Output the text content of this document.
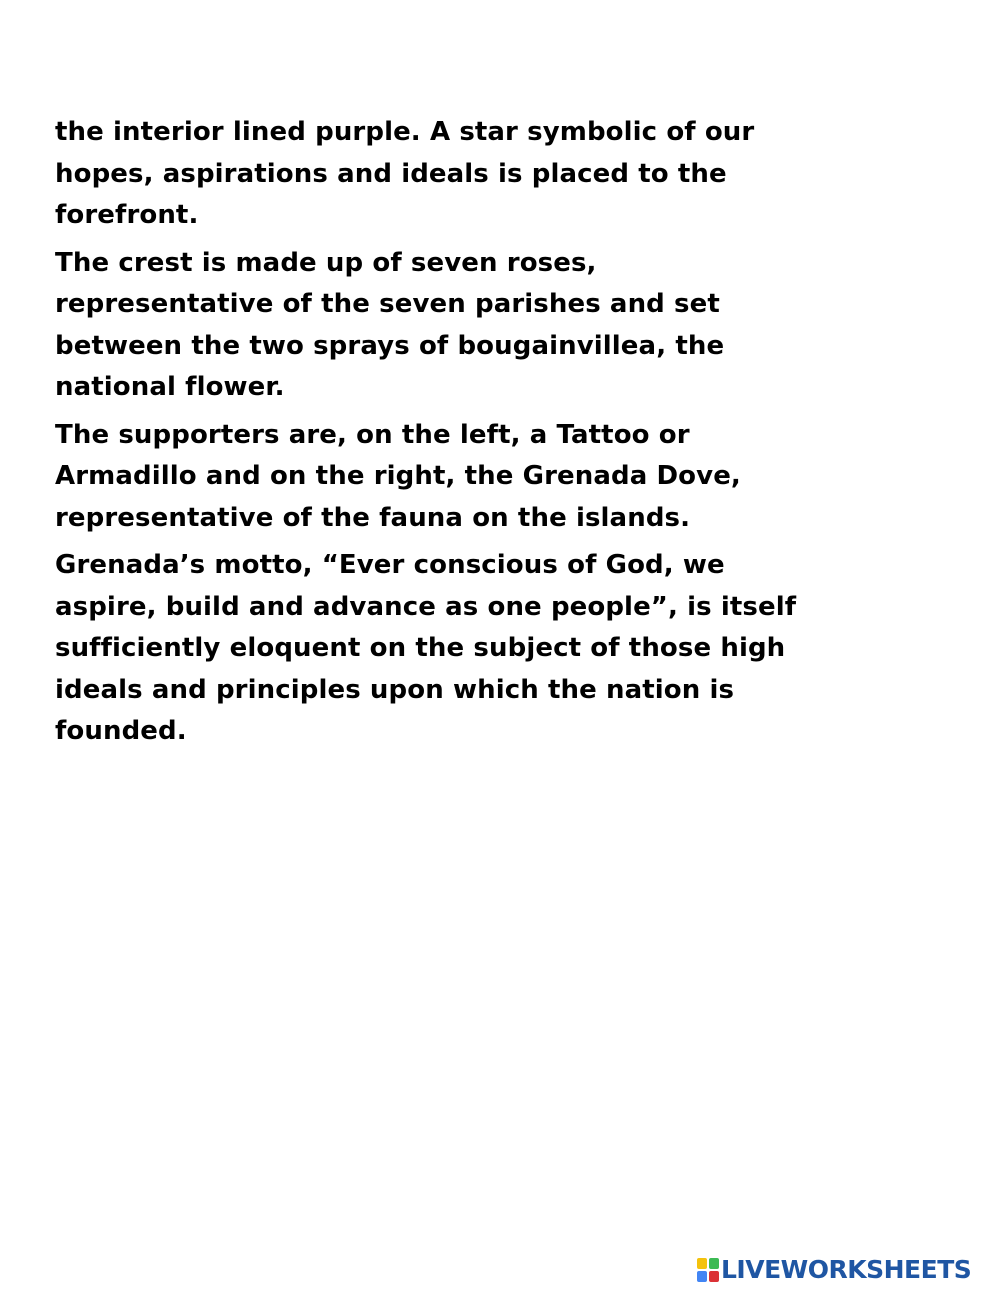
the interior lined purple. A star symbolic of our
hopes, aspirations and ideals is placed to the
forefront.

The crest is made up of seven roses,
representative of the seven parishes and set
between the two sprays of bougainvillea, the
national flower.

The supporters are, on the left, a Tattoo or
Armadillo and on the right, the Grenada Dove,
representative of the fauna on the islands.

Grenada’s motto, “Ever conscious of God, we
aspire, build and advance as one people”, is itself
sufficiently eloquent on the subject of those high
ideals and principles upon which the nation is
founded.

LIVEWORKSHEETS
